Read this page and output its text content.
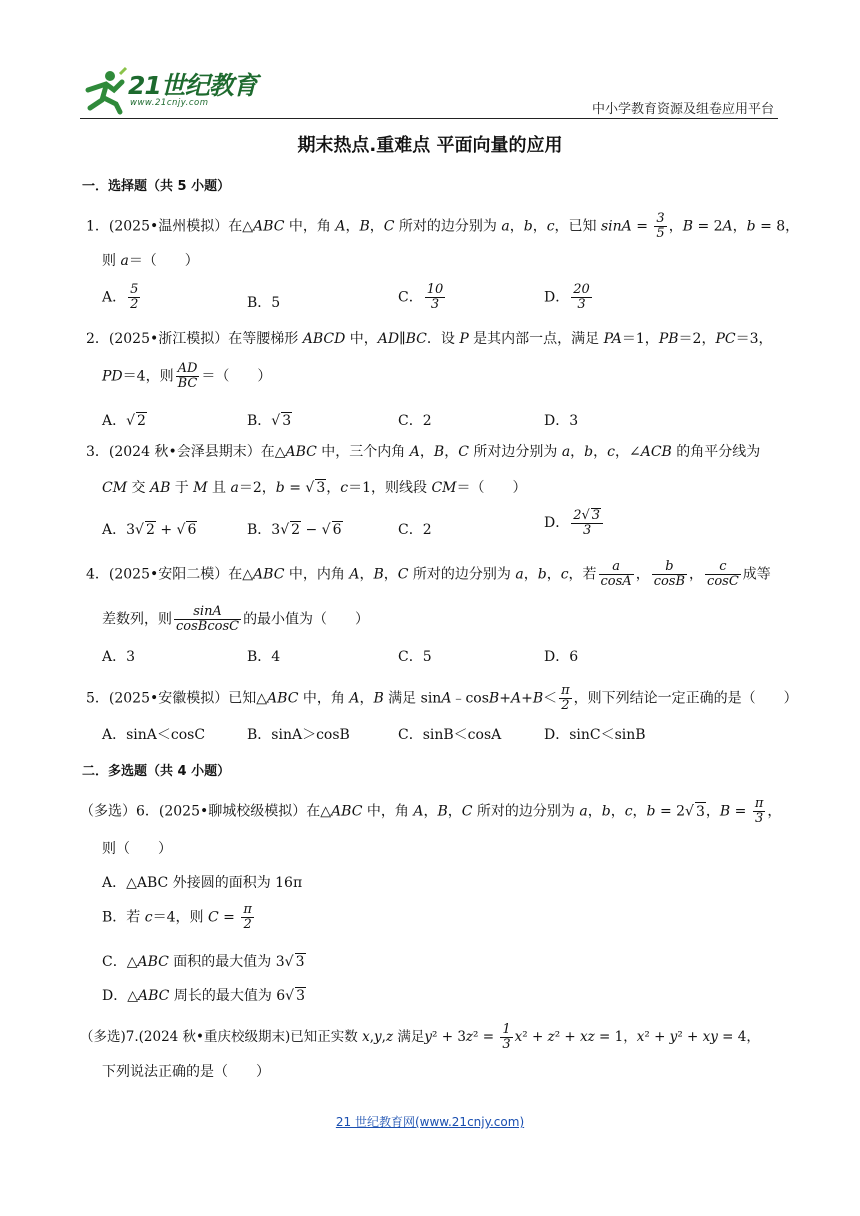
21世纪教育
www.21cnjy.com	中小学教育资源及组卷应用平台
期末热点.重难点 平面向量的应用
一．选择题（共 5 小题）
1．(2025•温州模拟）在△ABC 中，角 A，B，C 所对的边分别为 a，b，c，已知 $\sin A = \frac{3}{5}$ ，B = 2A，b = 8，
则 a＝（　　）
A． $\frac{5}{2}$	B．5	C． $\frac{10}{3}$	D． $\frac{20}{3}$
2．(2025•浙江模拟）在等腰梯形 ABCD 中，AD∥BC．设 P 是其内部一点，满足 PA＝1，PB＝2，PC＝3，
PD＝4，则 $\frac{AD}{BC}$ ＝（　　）
A．√ 2	B．√ 3	C．2	D．3
3．(2024 秋•会泽县期末）在△ABC 中，三个内角 A，B，C 所对边分别为 a，b，c，∠ACB 的角平分线为
CM 交 AB 于 M 且 a＝2，b = √ 3，c＝1，则线段 CM＝（　　）
A．3√ 2 + √ 6	B．3√ 2 − √ 6	C．2	D． $\frac{2√ 3}{3}$
4．(2025•安阳二模）在△ABC 中，内角 A，B，C 所对的边分别为 a，b，c，若 $\frac{a}{\cos A}$ ， $\frac{b}{\cos B}$ ， $\frac{c}{\cos C}$ 成等
差数列，则 $\frac{\sin A}{\text{cosBcosC}}$ 的最小值为（　　）
A．3	B．4	C．5	D．6
5．(2025•安徽模拟）已知△ABC 中，角 A，B 满足 sinA﹣cosB+A+B＜ $\frac{\pi}{2}$ ，则下列结论一定正确的是（　　）
A．sinA＜cosC	B．sinA＞cosB	C．sinB＜cosA	D．sinC＜sinB
二．多选题（共 4 小题）
（多选）6．(2025•聊城校级模拟）在△ABC 中，角 A，B，C 所对的边分别为 a，b，c，b = 2√ 3，$B = \frac{\pi}{3}$ ，
则（　　）
A．△ABC 外接圆的面积为 16π
B．若 c＝4，则 $C = \frac{\pi}{2}$
C．△ABC 面积的最大值为 3√ 3
D．△ABC 周长的最大值为 6√ 3
（多选)7.(2024 秋•重庆校级期末)已知正实数 x,y,z 满足$y^2 + 3z^2 = \frac{1}{3} x^2 + z^2$ + xz = 1，x² + y² + xy = 4，
下列说法正确的是（　　）
21 世纪教育网(www.21cnjy.com)
